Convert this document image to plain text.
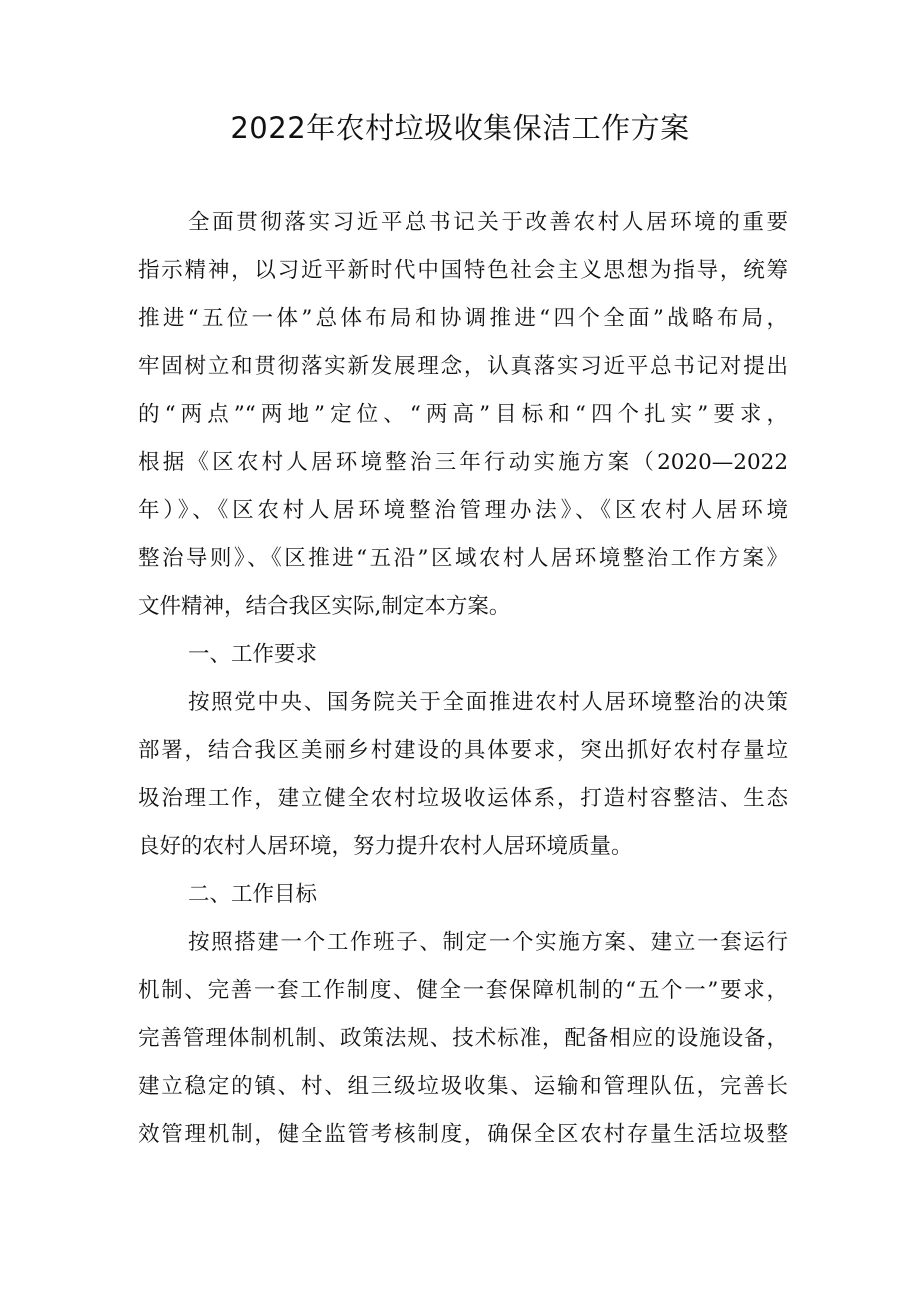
2022年农村垃圾收集保洁工作方案
全面贯彻落实习近平总书记关于改善农村人居环境的重要
指示精神，以习近平新时代中国特色社会主义思想为指导，统筹
推进“五位一体”总体布局和协调推进“四个全面”战略布局，
牢固树立和贯彻落实新发展理念，认真落实习近平总书记对提出
的“两点”“两地”定位、“两高”目标和“四个扎实”要求，
根据《区农村人居环境整治三年行动实施方案（2020—2022
年）》、《区农村人居环境整治管理办法》、《区农村人居环境
整治导则》、《区推进“五沿”区域农村人居环境整治工作方案》
文件精神，结合我区实际,制定本方案。
一、工作要求
按照党中央、国务院关于全面推进农村人居环境整治的决策
部署，结合我区美丽乡村建设的具体要求，突出抓好农村存量垃
圾治理工作，建立健全农村垃圾收运体系，打造村容整洁、生态
良好的农村人居环境，努力提升农村人居环境质量。
二、工作目标
按照搭建一个工作班子、制定一个实施方案、建立一套运行
机制、完善一套工作制度、健全一套保障机制的“五个一”要求，
完善管理体制机制、政策法规、技术标准，配备相应的设施设备，
建立稳定的镇、村、组三级垃圾收集、运输和管理队伍，完善长
效管理机制，健全监管考核制度，确保全区农村存量生活垃圾整
